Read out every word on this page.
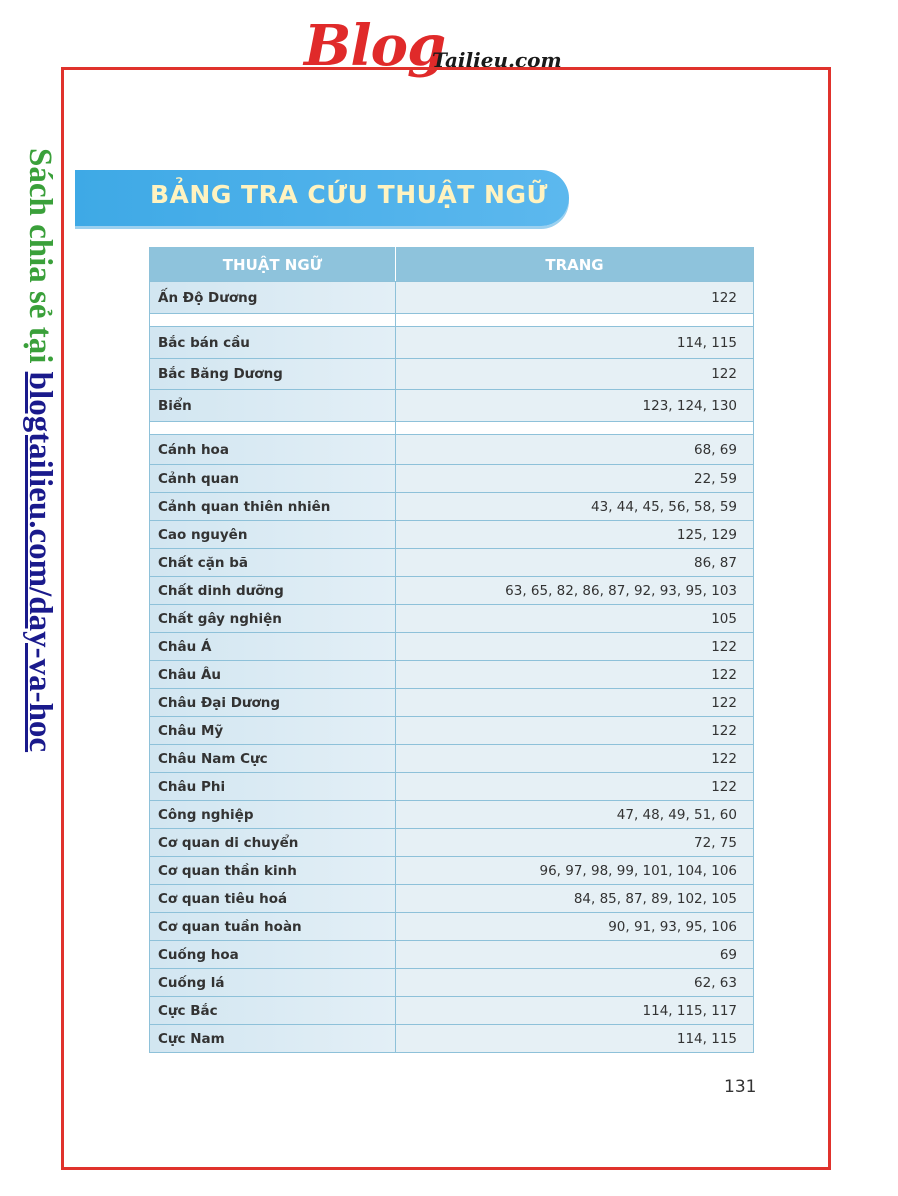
Blog
Tailieu.com
Sách chia sẻ tại blogtailieu.com/day-va-hoc
BẢNG TRA CỨU THUẬT NGỮ
THUẬT NGỮ	TRANG
Ấn Độ Dương	122
Bắc bán cầu	114, 115
Bắc Băng Dương	122
Biển	123, 124, 130
Cánh hoa	68, 69
Cảnh quan	22, 59
Cảnh quan thiên nhiên	43, 44, 45, 56, 58, 59
Cao nguyên	125, 129
Chất cặn bã	86, 87
Chất dinh dưỡng	63, 65, 82, 86, 87, 92, 93, 95, 103
Chất gây nghiện	105
Châu Á	122
Châu Âu	122
Châu Đại Dương	122
Châu Mỹ	122
Châu Nam Cực	122
Châu Phi	122
Công nghiệp	47, 48, 49, 51, 60
Cơ quan di chuyển	72, 75
Cơ quan thần kinh	96, 97, 98, 99, 101, 104, 106
Cơ quan tiêu hoá	84, 85, 87, 89, 102, 105
Cơ quan tuần hoàn	90, 91, 93, 95, 106
Cuống hoa	69
Cuống lá	62, 63
Cực Bắc	114, 115, 117
Cực Nam	114, 115
131
